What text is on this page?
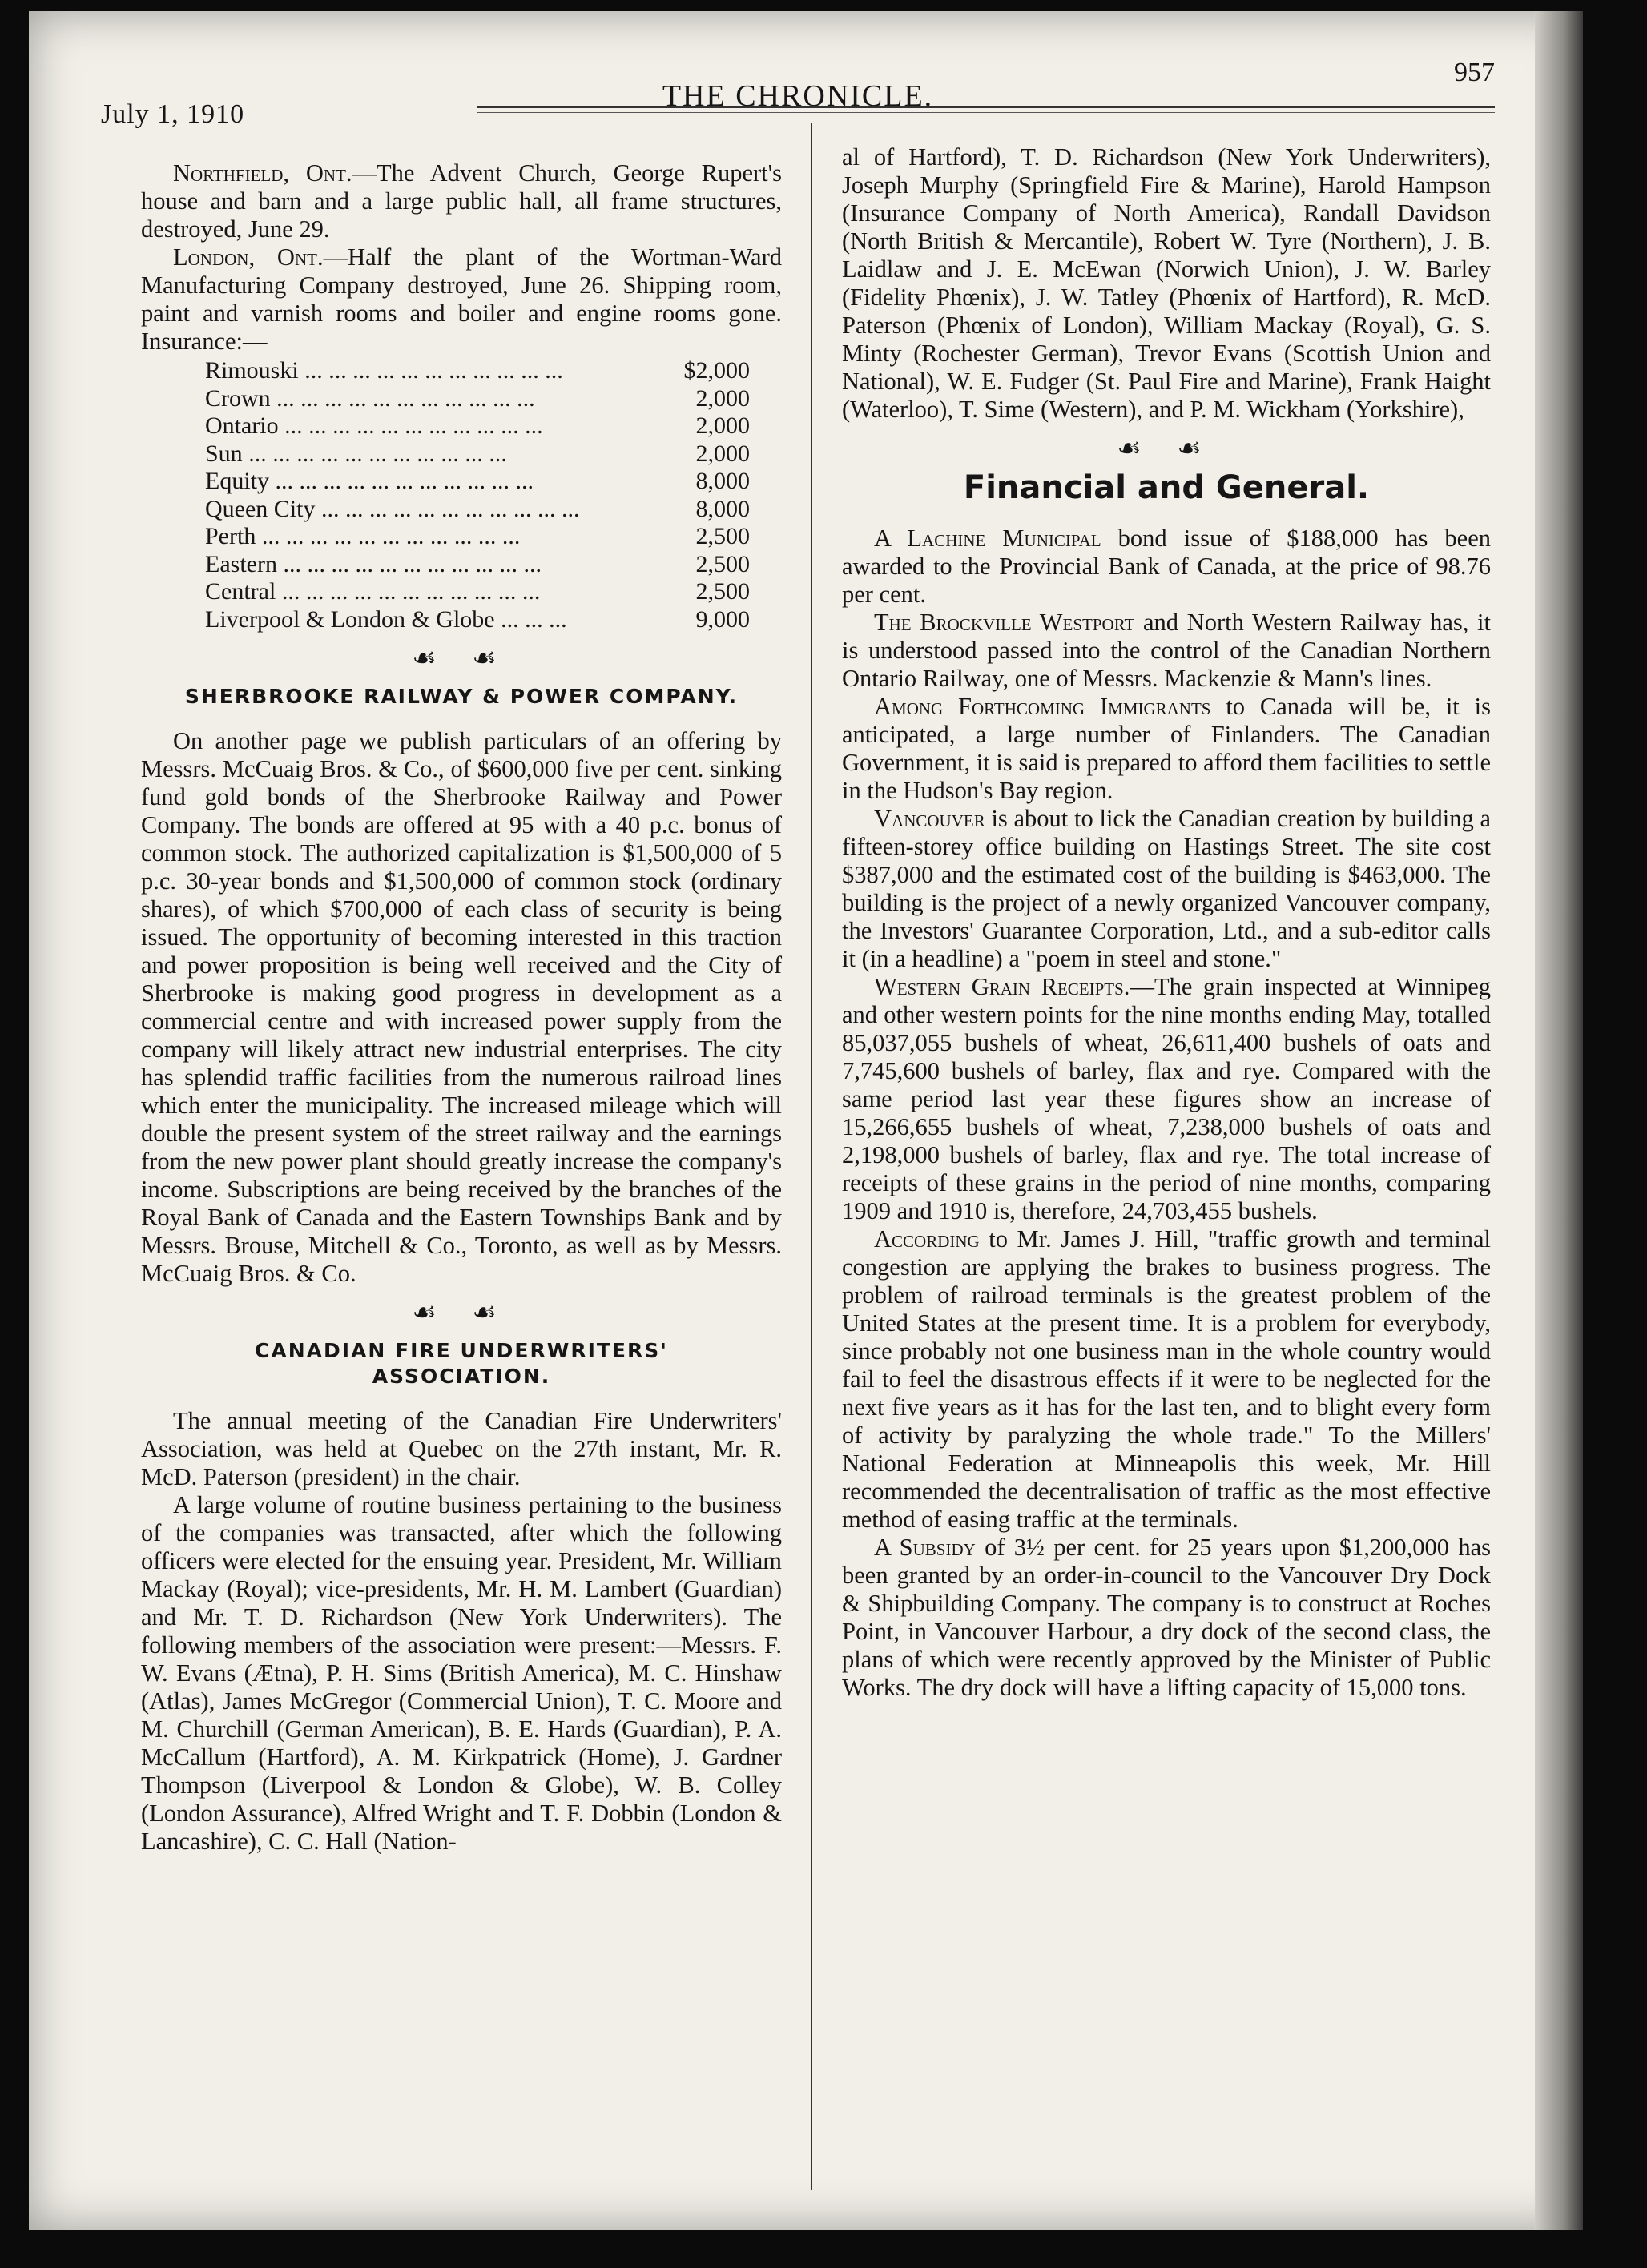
July 1, 1910
THE CHRONICLE.
957

Northfield, Ont.—The Advent Church, George Rupert's house and barn and a large public hall, all frame structures, destroyed, June 29.

London, Ont.—Half the plant of the Wortman-Ward Manufacturing Company destroyed, June 26. Shipping room, paint and varnish rooms and boiler and engine rooms gone. Insurance:—

Rimouski ... ... ... ... ... ... ... ... ... ... ...	$2,000
Crown ... ... ... ... ... ... ... ... ... ... ...	2,000
Ontario ... ... ... ... ... ... ... ... ... ... ...	2,000
Sun ... ... ... ... ... ... ... ... ... ... ...	2,000
Equity ... ... ... ... ... ... ... ... ... ... ...	8,000
Queen City ... ... ... ... ... ... ... ... ... ... ...	8,000
Perth ... ... ... ... ... ... ... ... ... ... ...	2,500
Eastern ... ... ... ... ... ... ... ... ... ... ...	2,500
Central ... ... ... ... ... ... ... ... ... ... ...	2,500
Liverpool & London & Globe ... ... ...	9,000
☙ ☙
SHERBROOKE RAILWAY & POWER COMPANY.

On another page we publish particulars of an offering by Messrs. McCuaig Bros. & Co., of $600,000 five per cent. sinking fund gold bonds of the Sherbrooke Railway and Power Company. The bonds are offered at 95 with a 40 p.c. bonus of common stock. The authorized capitalization is $1,500,000 of 5 p.c. 30-year bonds and $1,500,000 of common stock (ordinary shares), of which $700,000 of each class of security is being issued. The opportunity of becoming interested in this traction and power proposition is being well received and the City of Sherbrooke is making good progress in development as a commercial centre and with increased power supply from the company will likely attract new industrial enterprises. The city has splendid traffic facilities from the numerous railroad lines which enter the municipality. The increased mileage which will double the present system of the street railway and the earnings from the new power plant should greatly increase the company's income. Subscriptions are being received by the branches of the Royal Bank of Canada and the Eastern Townships Bank and by Messrs. Brouse, Mitchell & Co., Toronto, as well as by Messrs. McCuaig Bros. & Co.

☙ ☙
CANADIAN FIRE UNDERWRITERS'
ASSOCIATION.

The annual meeting of the Canadian Fire Underwriters' Association, was held at Quebec on the 27th instant, Mr. R. McD. Paterson (president) in the chair.

A large volume of routine business pertaining to the business of the companies was transacted, after which the following officers were elected for the ensuing year. President, Mr. William Mackay (Royal); vice-presidents, Mr. H. M. Lambert (Guardian) and Mr. T. D. Richardson (New York Underwriters). The following members of the association were present:—Messrs. F. W. Evans (Ætna), P. H. Sims (British America), M. C. Hinshaw (Atlas), James McGregor (Commercial Union), T. C. Moore and M. Churchill (German American), B. E. Hards (Guardian), P. A. McCallum (Hartford), A. M. Kirkpatrick (Home), J. Gardner Thompson (Liverpool & London & Globe), W. B. Colley (London Assurance), Alfred Wright and T. F. Dobbin (London & Lancashire), C. C. Hall (Nation-

al of Hartford), T. D. Richardson (New York Underwriters), Joseph Murphy (Springfield Fire & Marine), Harold Hampson (Insurance Company of North America), Randall Davidson (North British & Mercantile), Robert W. Tyre (Northern), J. B. Laidlaw and J. E. McEwan (Norwich Union), J. W. Barley (Fidelity Phœnix), J. W. Tatley (Phœnix of Hartford), R. McD. Paterson (Phœnix of London), William Mackay (Royal), G. S. Minty (Rochester German), Trevor Evans (Scottish Union and National), W. E. Fudger (St. Paul Fire and Marine), Frank Haight (Waterloo), T. Sime (Western), and P. M. Wickham (Yorkshire),

☙ ☙
Financial and General.

A Lachine Municipal bond issue of $188,000 has been awarded to the Provincial Bank of Canada, at the price of 98.76 per cent.

The Brockville Westport and North Western Railway has, it is understood passed into the control of the Canadian Northern Ontario Railway, one of Messrs. Mackenzie & Mann's lines.

Among Forthcoming Immigrants to Canada will be, it is anticipated, a large number of Finlanders. The Canadian Government, it is said is prepared to afford them facilities to settle in the Hudson's Bay region.

Vancouver is about to lick the Canadian creation by building a fifteen-storey office building on Hastings Street. The site cost $387,000 and the estimated cost of the building is $463,000. The building is the project of a newly organized Vancouver company, the Investors' Guarantee Corporation, Ltd., and a sub-editor calls it (in a headline) a "poem in steel and stone."

Western Grain Receipts.—The grain inspected at Winnipeg and other western points for the nine months ending May, totalled 85,037,055 bushels of wheat, 26,611,400 bushels of oats and 7,745,600 bushels of barley, flax and rye. Compared with the same period last year these figures show an increase of 15,266,655 bushels of wheat, 7,238,000 bushels of oats and 2,198,000 bushels of barley, flax and rye. The total increase of receipts of these grains in the period of nine months, comparing 1909 and 1910 is, therefore, 24,703,455 bushels.

According to Mr. James J. Hill, "traffic growth and terminal congestion are applying the brakes to business progress. The problem of railroad terminals is the greatest problem of the United States at the present time. It is a problem for everybody, since probably not one business man in the whole country would fail to feel the disastrous effects if it were to be neglected for the next five years as it has for the last ten, and to blight every form of activity by paralyzing the whole trade." To the Millers' National Federation at Minneapolis this week, Mr. Hill recommended the decentralisation of traffic as the most effective method of easing traffic at the terminals.

A Subsidy of 3½ per cent. for 25 years upon $1,200,000 has been granted by an order-in-council to the Vancouver Dry Dock & Shipbuilding Company. The company is to construct at Roches Point, in Vancouver Harbour, a dry dock of the second class, the plans of which were recently approved by the Minister of Public Works. The dry dock will have a lifting capacity of 15,000 tons.
